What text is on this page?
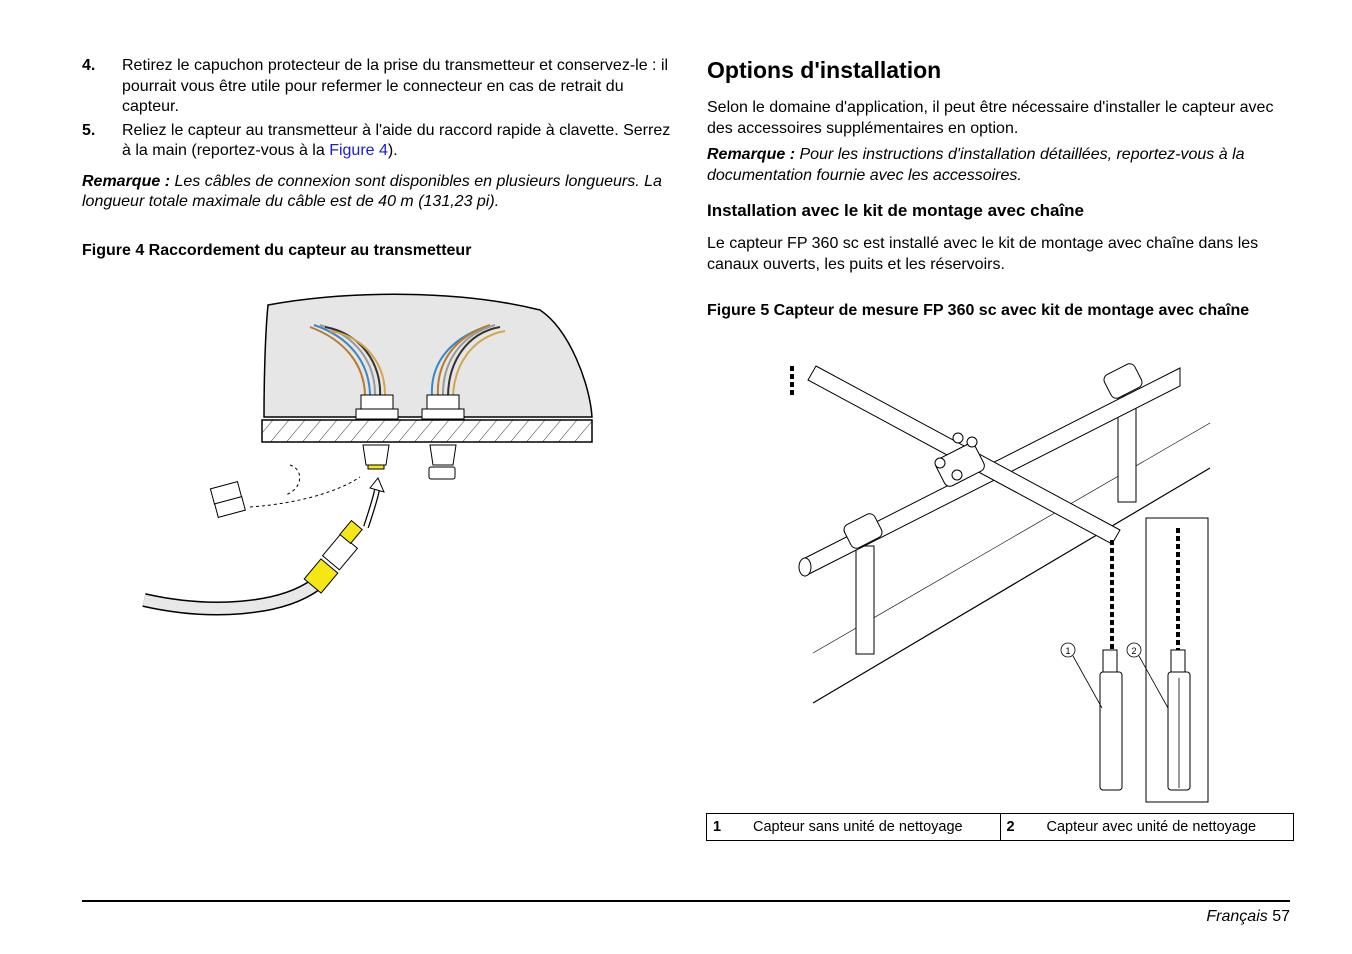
4.	Retirez le capuchon protecteur de la prise du transmetteur et conservez-le : il pourrait vous être utile pour refermer le connecteur en cas de retrait du capteur.
5.	Reliez le capteur au transmetteur à l'aide du raccord rapide à clavette. Serrez à la main (reportez-vous à la Figure 4).
Remarque : Les câbles de connexion sont disponibles en plusieurs longueurs. La longueur totale maximale du câble est de 40 m (131,23 pi).
Figure 4 Raccordement du capteur au transmetteur
Options d'installation

Selon le domaine d'application, il peut être nécessaire d'installer le capteur avec des accessoires supplémentaires en option.

Remarque : Pour les instructions d'installation détaillées, reportez-vous à la documentation fournie avec les accessoires.
Installation avec le kit de montage avec chaîne

Le capteur FP 360 sc est installé avec le kit de montage avec chaîne dans les canaux ouverts, les puits et les réservoirs.

Figure 5 Capteur de mesure FP 360 sc avec kit de montage avec chaîne
1	2
1	Capteur sans unité de nettoyage	2	Capteur avec unité de nettoyage
Français 57
